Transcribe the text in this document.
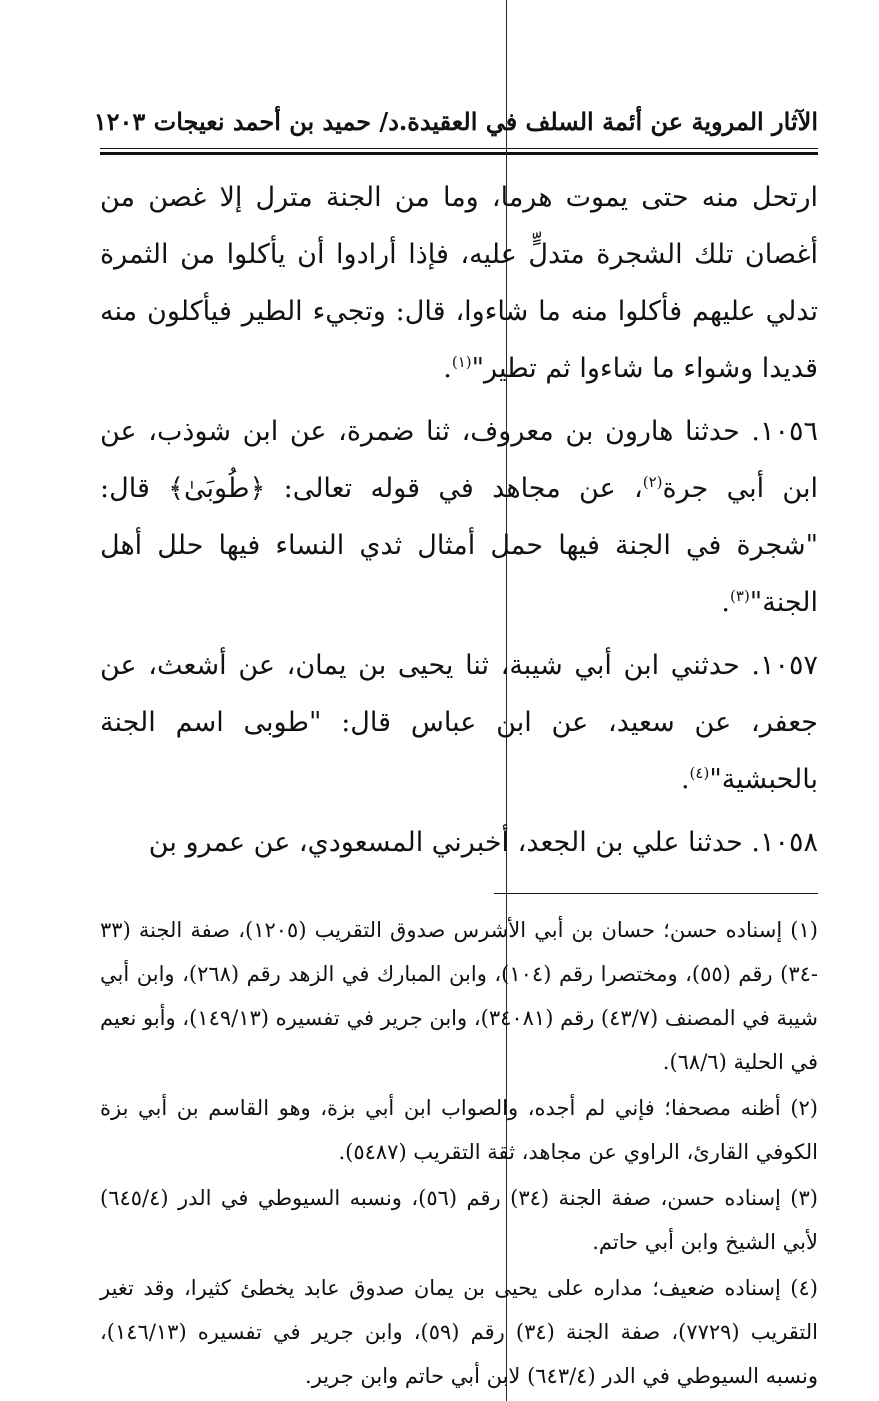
الآثار المروية عن أئمة السلف في العقيدة.د/ حميد بن أحمد نعيجات ١٢٠٣

ارتحل منه حتى يموت هرما، وما من الجنة مترل إلا غصن من أغصان تلك الشجرة متدلٍّ عليه، فإذا أرادوا أن يأكلوا من الثمرة تدلي عليهم فأكلوا منه ما شاءوا، قال: وتجيء الطير فيأكلون منه قديدا وشواء ما شاءوا ثم تطير"$^{(١)}$.

١٠٥٦. حدثنا هارون بن معروف، ثنا ضمرة، عن ابن شوذب، عن ابن أبي جرة$^{(٢)}$، عن مجاهد في قوله تعالى: ﴿طُوبَىٰ﴾ قال: "شجرة في الجنة فيها حمل أمثال ثدي النساء فيها حلل أهل الجنة"$^{(٣)}$.

١٠٥٧. حدثني ابن أبي شيبة، ثنا يحيى بن يمان، عن أشعث، عن جعفر، عن سعيد، عن ابن عباس قال: "طوبى اسم الجنة بالحبشية"$^{(٤)}$.

١٠٥٨. حدثنا علي بن الجعد، أخبرني المسعودي، عن عمرو بن

(١) إسناده حسن؛ حسان بن أبي الأشرس صدوق التقريب (١٢٠٥)، صفة الجنة (٣٣ -٣٤) رقم (٥٥)، ومختصرا رقم (١٠٤)، وابن المبارك في الزهد رقم (٢٦٨)، وابن أبي شيبة في المصنف (٤٣/٧) رقم (٣٤٠٨١)، وابن جرير في تفسيره (١٤٩/١٣)، وأبو نعيم في الحلية (٦٨/٦).

(٢) أظنه مصحفا؛ فإني لم أجده، والصواب ابن أبي بزة، وهو القاسم بن أبي بزة الكوفي القارئ، الراوي عن مجاهد، ثقة التقريب (٥٤٨٧).

(٣) إسناده حسن، صفة الجنة (٣٤) رقم (٥٦)، ونسبه السيوطي في الدر (٦٤٥/٤) لأبي الشيخ وابن أبي حاتم.

(٤) إسناده ضعيف؛ مداره على يحيى بن يمان صدوق عابد يخطئ كثيرا، وقد تغير التقريب (٧٧٢٩)، صفة الجنة (٣٤) رقم (٥٩)، وابن جرير في تفسيره (١٤٦/١٣)، ونسبه السيوطي في الدر (٦٤٣/٤) لابن أبي حاتم وابن جرير.
